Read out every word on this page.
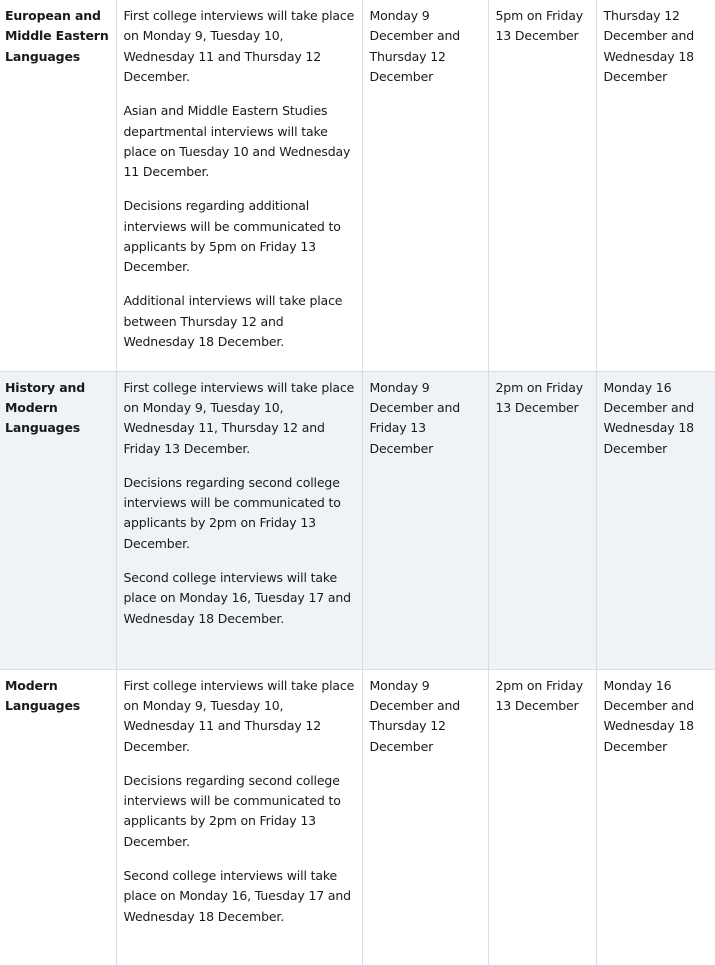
European and Middle Eastern Languages	First college interviews will take place on Monday 9, Tuesday 10, Wednesday 11 and Thursday 12 December.

Asian and Middle Eastern Studies departmental interviews will take place on Tuesday 10 and Wednesday 11 December.

Decisions regarding additional interviews will be communicated to applicants by 5pm on Friday 13 December.

Additional interviews will take place between Thursday 12 and Wednesday 18 December.	Monday 9 December and Thursday 12 December	5pm on Friday 13 December	Thursday 12 December and Wednesday 18 December
History and Modern Languages	First college interviews will take place on Monday 9, Tuesday 10, Wednesday 11, Thursday 12 and Friday 13 December.

Decisions regarding second college interviews will be communicated to applicants by 2pm on Friday 13 December.

Second college interviews will take place on Monday 16, Tuesday 17 and Wednesday 18 December.	Monday 9 December and Friday 13 December	2pm on Friday 13 December	Monday 16 December and Wednesday 18 December
Modern Languages	First college interviews will take place on Monday 9, Tuesday 10, Wednesday 11 and Thursday 12 December.

Decisions regarding second college interviews will be communicated to applicants by 2pm on Friday 13 December.

Second college interviews will take place on Monday 16, Tuesday 17 and Wednesday 18 December.	Monday 9 December and Thursday 12 December	2pm on Friday 13 December	Monday 16 December and Wednesday 18 December
